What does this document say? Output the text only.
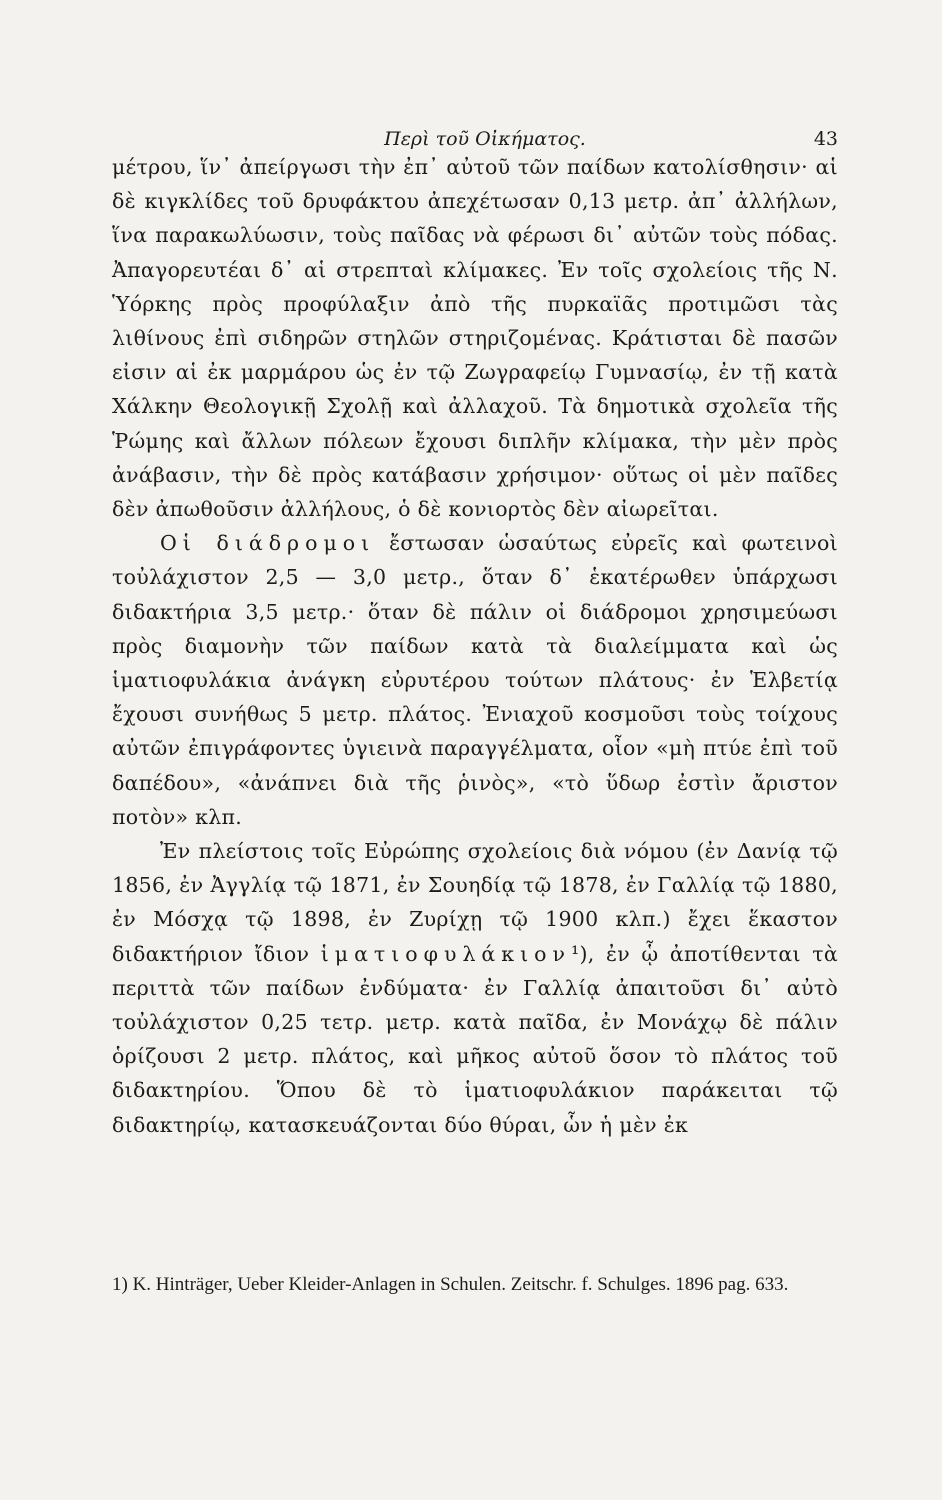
Περὶ τοῦ Οἰκήματος.	43

μέτρου, ἵν᾽ ἀπείργωσι τὴν ἐπ᾽ αὐτοῦ τῶν παίδων κατολίσθησιν· αἱ δὲ κιγκλίδες τοῦ δρυφάκτου ἀπεχέτωσαν 0,13 μετρ. ἀπ᾽ ἀλλήλων, ἵνα παρακωλύωσιν, τοὺς παῖδας νὰ φέρωσι δι᾽ αὐτῶν τοὺς πόδας. Ἀπαγορευτέαι δ᾽ αἱ στρεπταὶ κλίμακες. Ἐν τοῖς σχολείοις τῆς Ν. Ὑόρκης πρὸς προφύλαξιν ἀπὸ τῆς πυρκαϊᾶς προτιμῶσι τὰς λιθίνους ἐπὶ σιδηρῶν στηλῶν στηριζομένας. Κράτισται δὲ πασῶν εἰσιν αἱ ἐκ μαρμάρου ὡς ἐν τῷ Ζωγραφείῳ Γυμνασίῳ, ἐν τῇ κατὰ Χάλκην Θεολογικῇ Σχολῇ καὶ ἀλλαχοῦ. Τὰ δημοτικὰ σχολεῖα τῆς Ῥώμης καὶ ἄλλων πόλεων ἔχουσι διπλῆν κλίμακα, τὴν μὲν πρὸς ἀνάβασιν, τὴν δὲ πρὸς κατάβασιν χρήσιμον· οὕτως οἱ μὲν παῖδες δὲν ἀπωθοῦσιν ἀλλήλους, ὁ δὲ κονιορτὸς δὲν αἰωρεῖται.

Οἱ διάδρομοι ἔστωσαν ὡσαύτως εὐρεῖς καὶ φωτεινοὶ τοὐλάχιστον 2,5 — 3,0 μετρ., ὅταν δ᾽ ἑκατέρωθεν ὑπάρχωσι διδακτήρια 3,5 μετρ.· ὅταν δὲ πάλιν οἱ διάδρομοι χρησιμεύωσι πρὸς διαμονὴν τῶν παίδων κατὰ τὰ διαλείμματα καὶ ὡς ἱματιοφυλάκια ἀνάγκη εὐρυτέρου τούτων πλάτους· ἐν Ἑλβετίᾳ ἔχουσι συνήθως 5 μετρ. πλάτος. Ἐνιαχοῦ κοσμοῦσι τοὺς τοίχους αὐτῶν ἐπιγράφοντες ὑγιεινὰ παραγγέλματα, οἷον «μὴ πτύε ἐπὶ τοῦ δαπέδου», «ἀνάπνει διὰ τῆς ῥινὸς», «τὸ ὕδωρ ἐστὶν ἄριστον ποτὸν» κλπ.

Ἐν πλείστοις τοῖς Εὐρώπης σχολείοις διὰ νόμου (ἐν Δανίᾳ τῷ 1856, ἐν Ἀγγλίᾳ τῷ 1871, ἐν Σουηδίᾳ τῷ 1878, ἐν Γαλλίᾳ τῷ 1880, ἐν Μόσχᾳ τῷ 1898, ἐν Ζυρίχῃ τῷ 1900 κλπ.) ἔχει ἕκαστον διδακτήριον ἴδιον ἱματιοφυλάκιον¹), ἐν ᾧ ἀποτίθενται τὰ περιττὰ τῶν παίδων ἐνδύματα· ἐν Γαλλίᾳ ἀπαιτοῦσι δι᾽ αὐτὸ τοὐλάχιστον 0,25 τετρ. μετρ. κατὰ παῖδα, ἐν Μονάχῳ δὲ πάλιν ὁρίζουσι 2 μετρ. πλάτος, καὶ μῆκος αὐτοῦ ὅσον τὸ πλάτος τοῦ διδακτηρίου. Ὅπου δὲ τὸ ἱματιοφυλάκιον παράκειται τῷ διδακτηρίῳ, κατασκευάζονται δύο θύραι, ὧν ἡ μὲν ἐκ

1) K. Hinträger, Ueber Kleider-Anlagen in Schulen. Zeitschr. f. Schulges. 1896 pag. 633.
